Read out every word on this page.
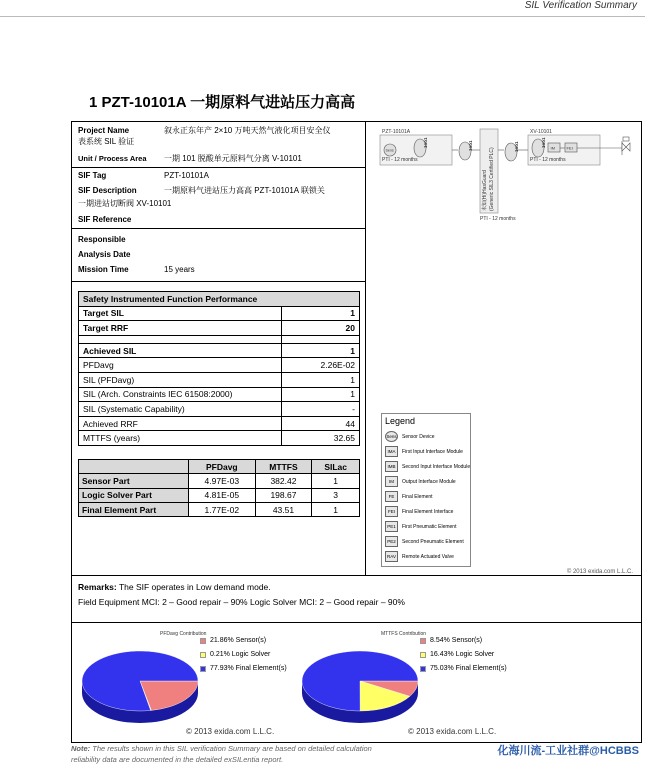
SIL Verification Summary
1 PZT-10101A 一期原料气进站压力高高
Project Name	叙永正东年产 2×10 万吨天然气液化项目安全仪
表系统 SIL 验证
Unit / Process Area 一期 101 脱酸单元原料气分离 V-10101
SIF Tag	PZT-10101A
SIF Description	一期原料气进站压力高高 PZT-10101A 联锁关
一期进站切断阀 XV-10101
SIF Reference
Responsible
Analysis Date
Mission Time	15 years
Safety Instrumented Function Performance	
Target SIL	1
Target RRF	20

Achieved SIL	1
PFDavg	2.26E-02
SIL (PFDavg)	1
SIL (Arch. Constraints IEC 61508:2000)	1
SIL (Systematic Capability)	-
Achieved RRF	44
MTTFS (years)	32.65
	PFDavg	MTTFS	SILac
Sensor Part	4.97E-03	382.42	1
Logic Solver Part	4.81E-05	198.67	3
Final Element Part	1.77E-02	43.51	1
PZT-10101A
Sens
1oo1
PTI - 12 months
1oo1
未知(Hi)HasGuard (Generic SIL3 Certified PLC)
PTI - 12 months
1oo1
XV-10101
1oo1 IM	FEI
PTI - 12 months
Legend
Sens Sensor Device
IMA	First Input Interface Module
IMB	Second Input Interface Module
IM	Output Interface Module
FE	Final Element
FEI	Final Element Interface
PE1	First Pneumatic Element
PE2	Second Pneumatic Element
RAV	Remote Actuated Valve
© 2013 exida.com L.L.C.
Remarks: The SIF operates in Low demand mode.
Field Equipment MCI: 2 – Good repair – 90% Logic Solver MCI: 2 – Good repair – 90%
PFDavg Contribution
21.86% Sensor(s)
0.21% Logic Solver
77.93% Final Element(s)
© 2013 exida.com L.L.C.
MTTFS Contribution
8.54% Sensor(s)
16.43% Logic Solver
75.03% Final Element(s)
© 2013 exida.com L.L.C.
Note: The results shown in this SIL verification Summary are based on detailed calculation
reliability data are documented in the detailed exSILentia report.
化海川流-工业社群@HCBBS
